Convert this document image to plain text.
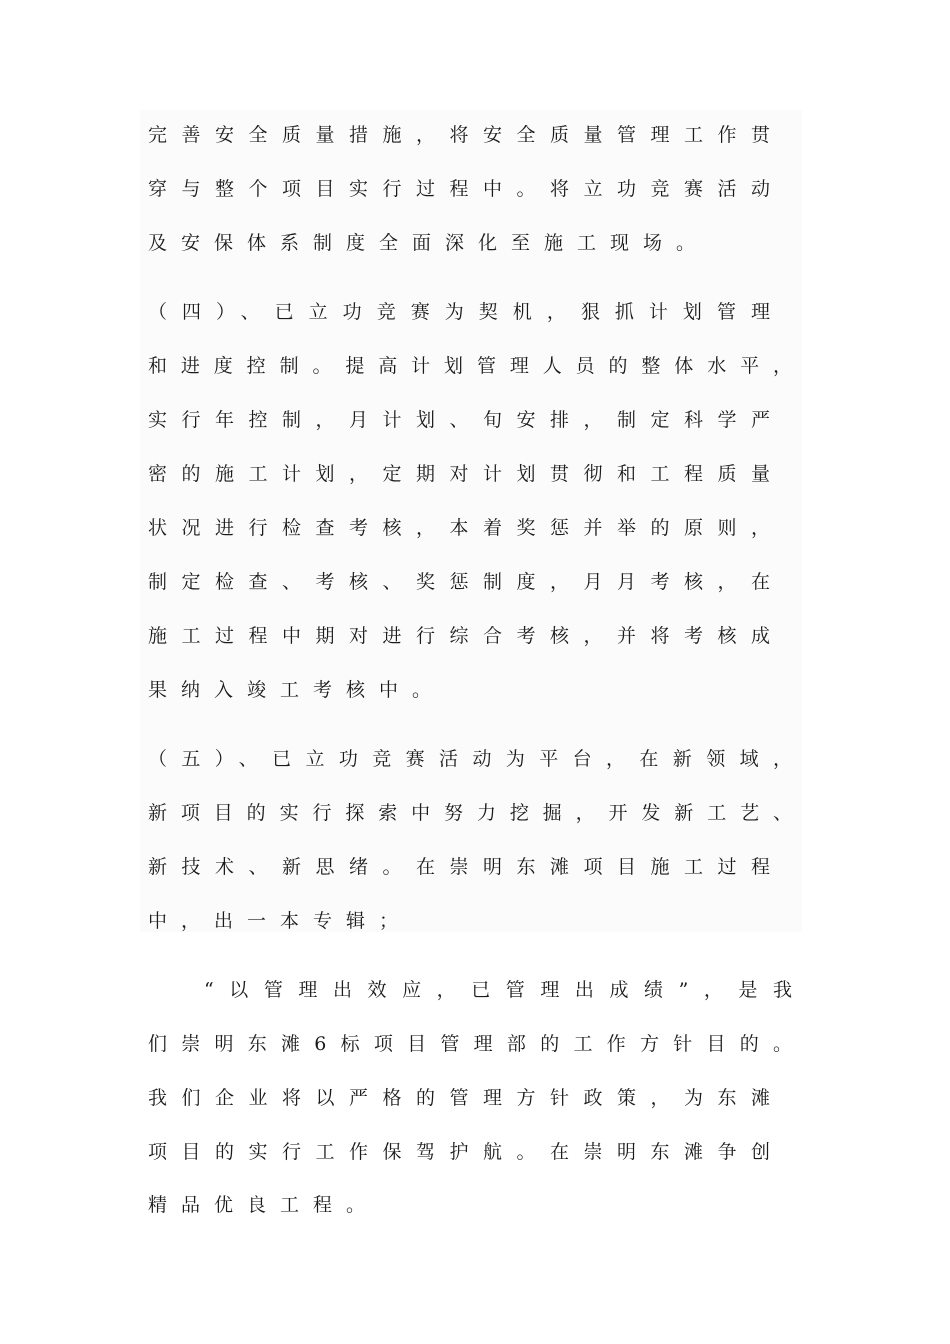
完善安全质量措施，将安全质量管理工作贯
穿与整个项目实行过程中。将立功竞赛活动
及安保体系制度全面深化至施工现场。
（四）、已立功竞赛为契机，狠抓计划管理
和进度控制。提高计划管理人员的整体水平，
实行年控制，月计划、旬安排，制定科学严
密的施工计划，定期对计划贯彻和工程质量
状况进行检查考核，本着奖惩并举的原则，
制定检查、考核、奖惩制度，月月考核，在
施工过程中期对进行综合考核，并将考核成
果纳入竣工考核中。
（五）、已立功竞赛活动为平台，在新领域，
新项目的实行探索中努力挖掘，开发新工艺、
新技术、新思绪。在崇明东滩项目施工过程
中，出一本专辑；
“以管理出效应，已管理出成绩”，是我
们崇明东滩6标项目管理部的工作方针目的。
我们企业将以严格的管理方针政策，为东滩
项目的实行工作保驾护航。在崇明东滩争创
精品优良工程。
